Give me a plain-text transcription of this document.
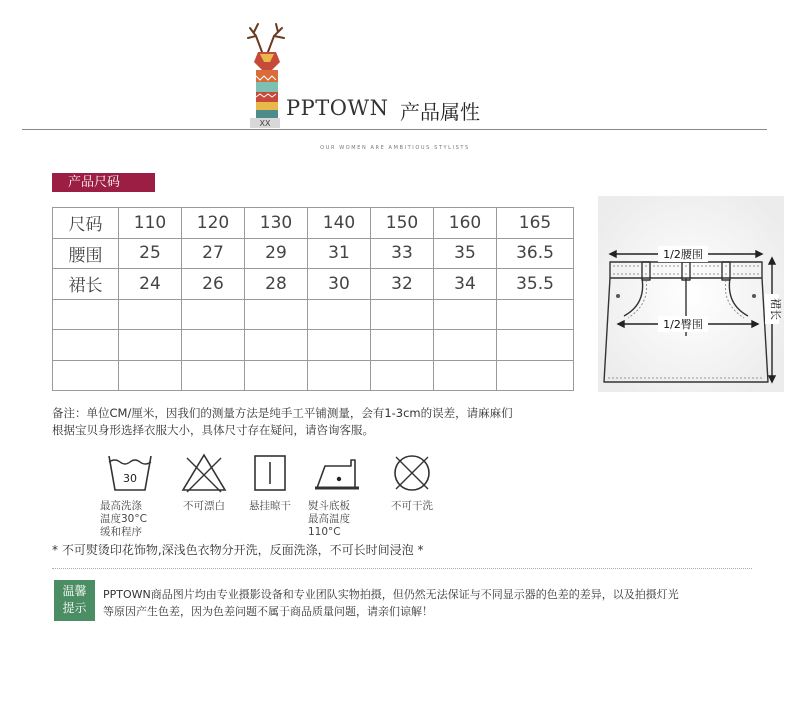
XX
PPTOWN 产品属性
OUR WOMEN ARE AMBITIOUS STYLISTS
产品尺码
尺码	110	120	130	140	150	160	165
腰围	25	27	29	31	33	35	36.5
裙长	24	26	28	30	32	34	35.5

1/2腰围
1/2臀围
裙长
备注：单位CM/厘米，因我们的测量方法是纯手工平铺测量，会有1-3cm的误差，请麻麻们
根据宝贝身形选择衣服大小，具体尺寸存在疑问，请咨询客服。
30
最高洗涤
温度30°C
缓和程序
不可漂白	悬挂晾干	熨斗底板
最高温度
110°C
不可干洗
* 不可熨烫印花饰物,深浅色衣物分开洗，反面洗涤，不可长时间浸泡 *
温馨
提示
PPTOWN商品图片均由专业摄影设备和专业团队实物拍摄，但仍然无法保证与不同显示器的色差的差异，以及拍摄灯光
等原因产生色差，因为色差问题不属于商品质量问题，请亲们谅解！
